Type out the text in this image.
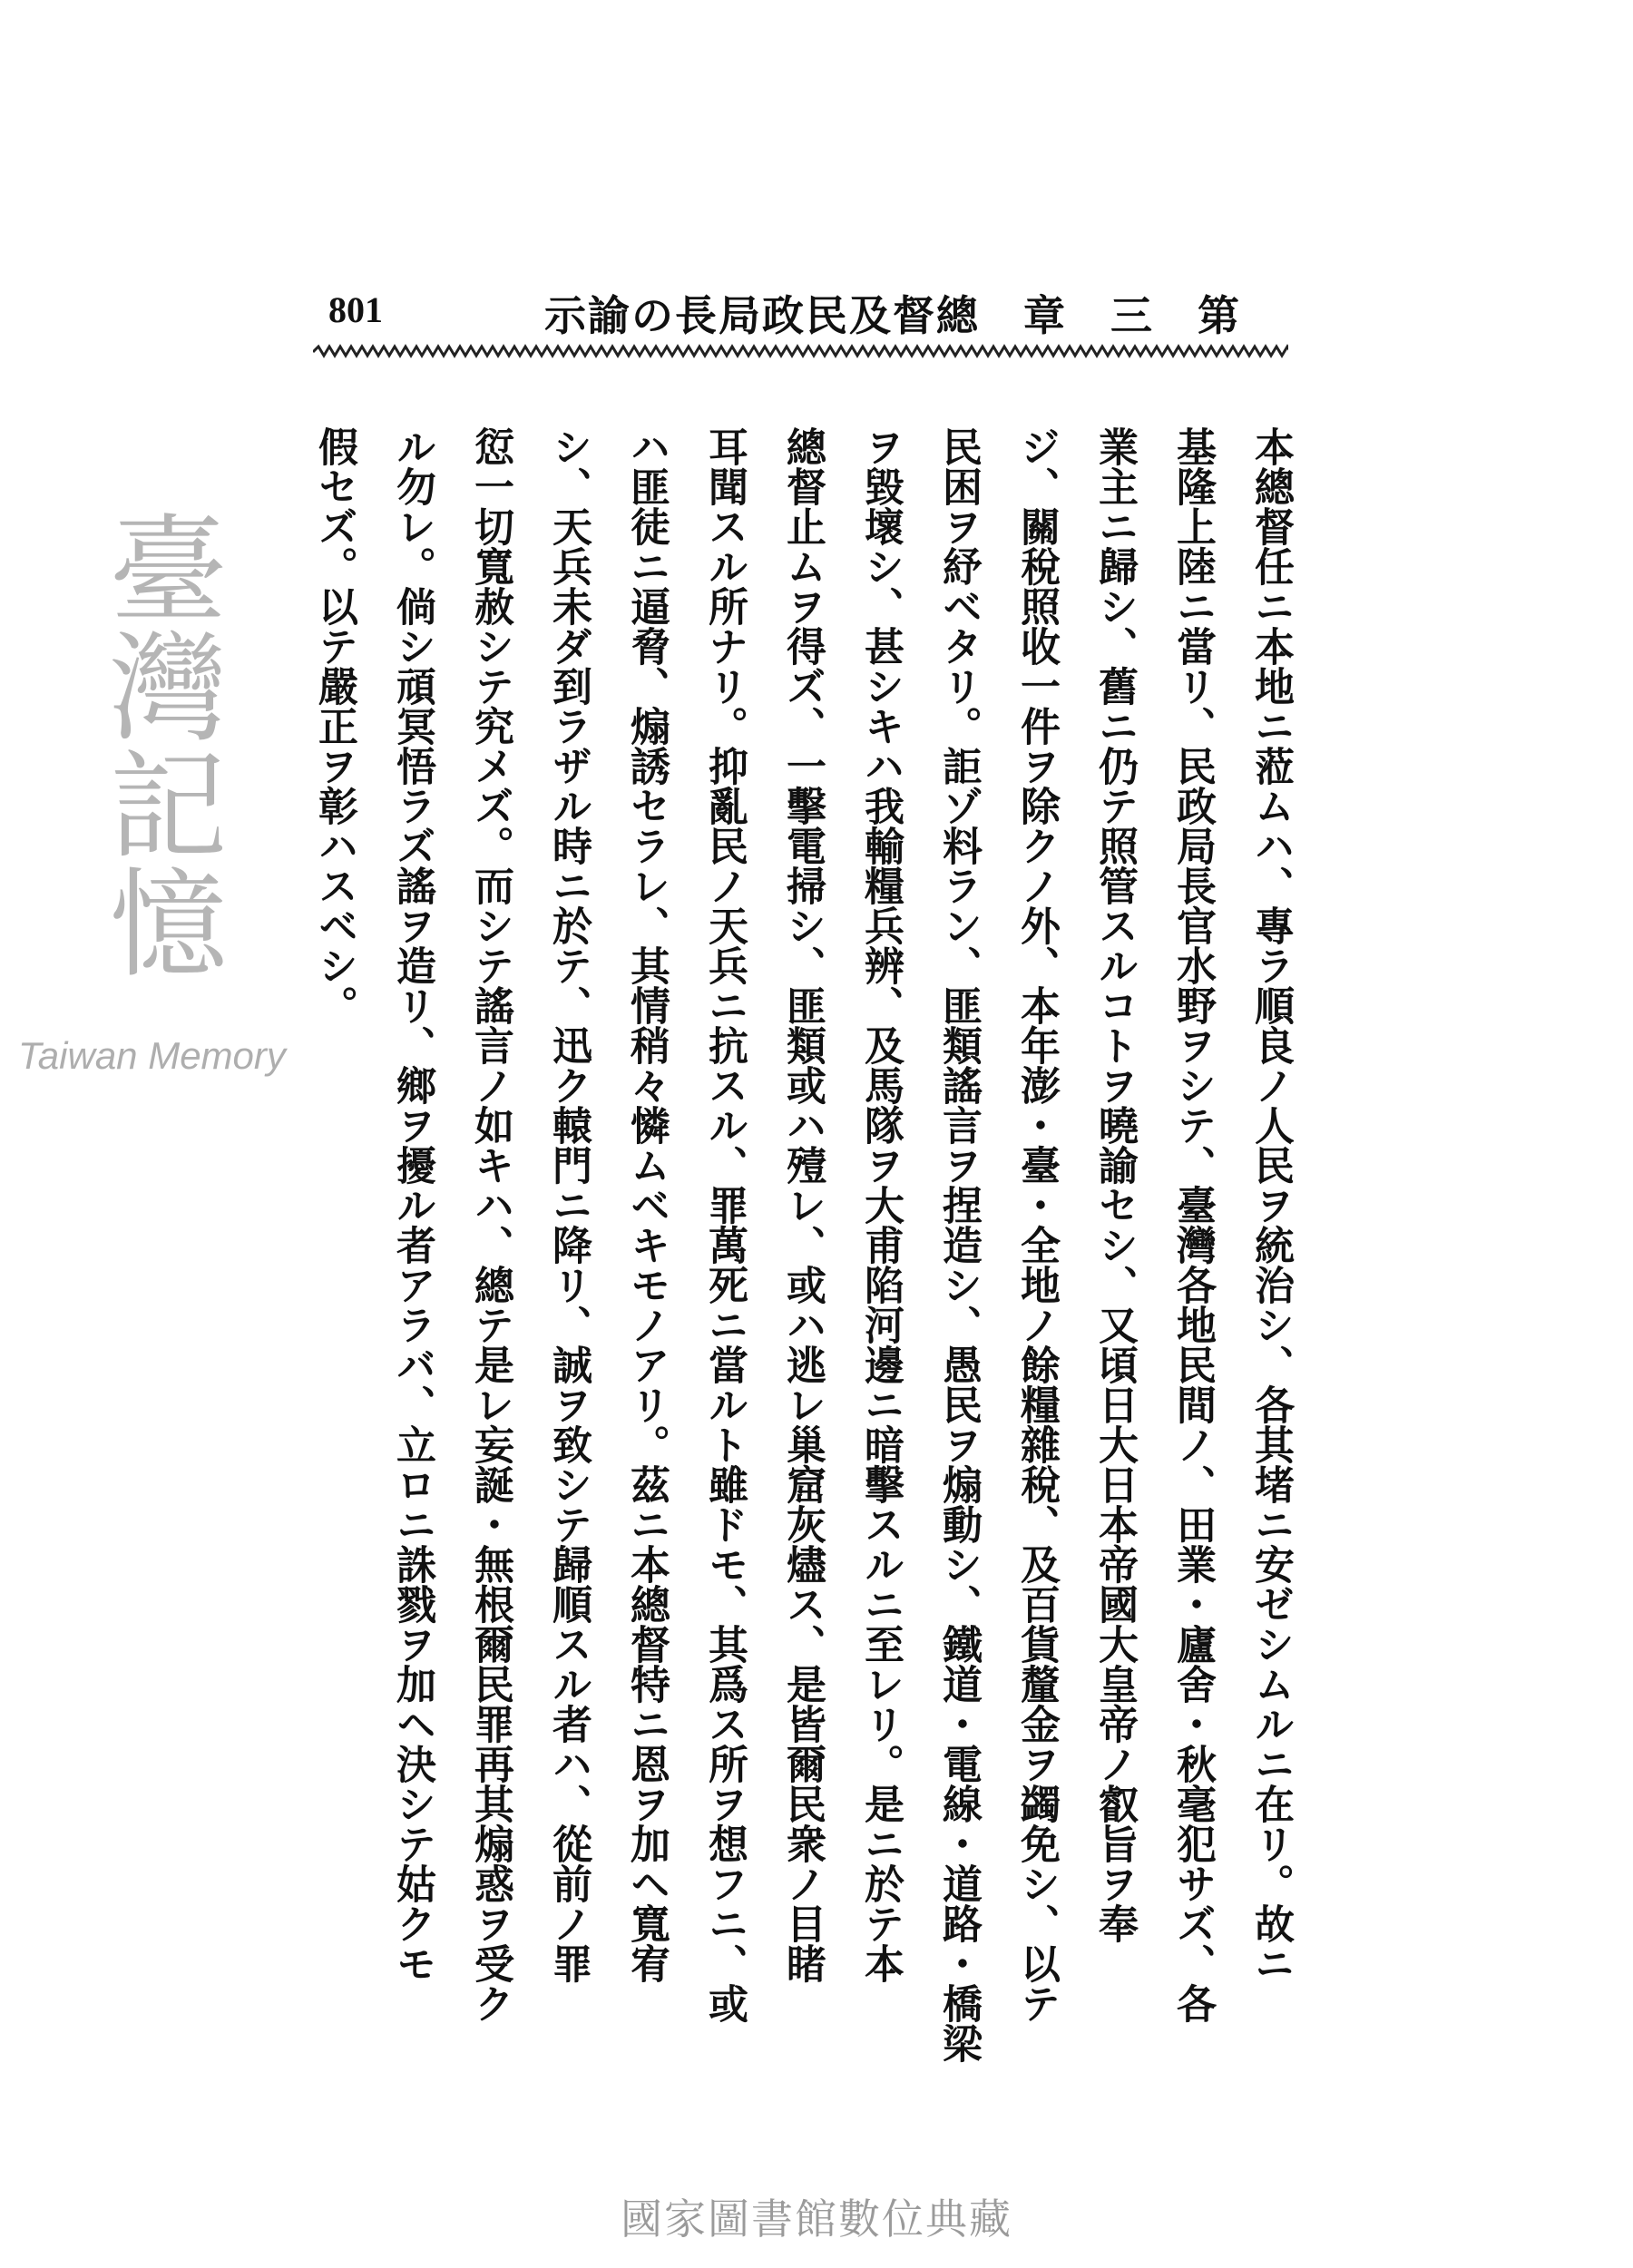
801	示諭の長局政民及督總　章　三　第
本總督任ニ本地ニ蒞ムハ、專ラ順良ノ人民ヲ統治シ、各其堵ニ安ゼシムルニ在リ。故ニ
基隆上陸ニ當リ、民政局長官水野ヲシテ、臺灣各地民間ノ、田業・廬舍・秋毫犯サズ、各
業主ニ歸シ、舊ニ仍テ照管スルコトヲ曉諭セシ、又頃日大日本帝國大皇帝ノ叡旨ヲ奉
ジ、關稅照收一件ヲ除クノ外、本年澎・臺・全地ノ餘糧雜稅、及百貨釐金ヲ蠲免シ、以テ
民困ヲ紓ベタリ。詎ゾ料ラン、匪類謠言ヲ捏造シ、愚民ヲ煽動シ、鐵道・電線・道路・橋梁
ヲ毀壞シ、甚シキハ我輸糧兵辨、及馬隊ヲ大甫陷河邊ニ暗擊スルニ至レリ。是ニ於テ本
總督止ムヲ得ズ、一擊電掃シ、匪類或ハ殪レ、或ハ逃レ巢窟灰燼ス、是皆爾民衆ノ目睹
耳聞スル所ナリ。抑亂民ノ天兵ニ抗スル、罪萬死ニ當ルト雖ドモ、其爲ス所ヲ想フニ、或
ハ匪徒ニ逼脅、煽誘セラレ、其情稍々憐ムベキモノアリ。茲ニ本總督特ニ恩ヲ加ヘ寬宥
シ、天兵未ダ到ラザル時ニ於テ、迅ク轅門ニ降リ、誠ヲ致シテ歸順スル者ハ、從前ノ罪
愆一切寬赦シテ究メズ。而シテ謠言ノ如キハ、總テ是レ妄誕・無根爾民罪再其煽惑ヲ受ク
ル勿レ。倘シ頑冥悟ラズ謠ヲ造リ、鄉ヲ擾ル者アラバ、立ロニ誅戮ヲ加ヘ決シテ姑クモ
假セズ。以テ嚴正ヲ彰ハスベシ。
臺灣記憶
Taiwan Memory
國家圖書館數位典藏
